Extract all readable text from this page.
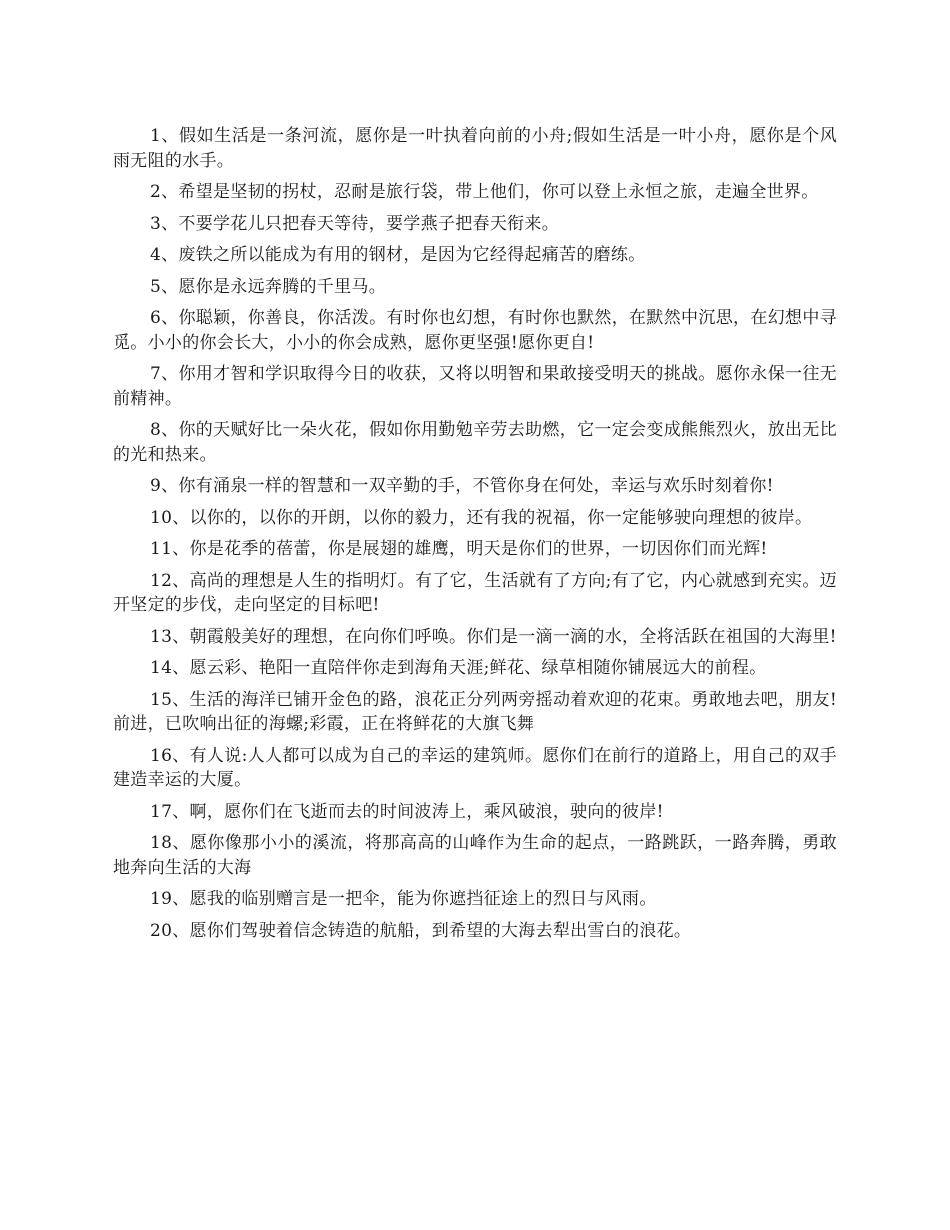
1、假如生活是一条河流，愿你是一叶执着向前的小舟;假如生活是一叶小舟，愿你是个风雨无阻的水手。

2、希望是坚韧的拐杖，忍耐是旅行袋，带上他们，你可以登上永恒之旅，走遍全世界。

3、不要学花儿只把春天等待，要学燕子把春天衔来。

4、废铁之所以能成为有用的钢材，是因为它经得起痛苦的磨练。

5、愿你是永远奔腾的千里马。

6、你聪颖，你善良，你活泼。有时你也幻想，有时你也默然，在默然中沉思，在幻想中寻觅。小小的你会长大，小小的你会成熟，愿你更坚强!愿你更自!

7、你用才智和学识取得今日的收获，又将以明智和果敢接受明天的挑战。愿你永保一往无前精神。

8、你的天赋好比一朵火花，假如你用勤勉辛劳去助燃，它一定会变成熊熊烈火，放出无比的光和热来。

9、你有涌泉一样的智慧和一双辛勤的手，不管你身在何处，幸运与欢乐时刻着你!

10、以你的，以你的开朗，以你的毅力，还有我的祝福，你一定能够驶向理想的彼岸。

11、你是花季的蓓蕾，你是展翅的雄鹰，明天是你们的世界，一切因你们而光辉!

12、高尚的理想是人生的指明灯。有了它，生活就有了方向;有了它，内心就感到充实。迈开坚定的步伐，走向坚定的目标吧!

13、朝霞般美好的理想，在向你们呼唤。你们是一滴一滴的水，全将活跃在祖国的大海里!

14、愿云彩、艳阳一直陪伴你走到海角天涯;鲜花、绿草相随你铺展远大的前程。

15、生活的海洋已铺开金色的路，浪花正分列两旁摇动着欢迎的花束。勇敢地去吧，朋友!前进，已吹响出征的海螺;彩霞，正在将鲜花的大旗飞舞

16、有人说:人人都可以成为自己的幸运的建筑师。愿你们在前行的道路上，用自己的双手建造幸运的大厦。

17、啊，愿你们在飞逝而去的时间波涛上，乘风破浪，驶向的彼岸!

18、愿你像那小小的溪流，将那高高的山峰作为生命的起点，一路跳跃，一路奔腾，勇敢地奔向生活的大海

19、愿我的临别赠言是一把伞，能为你遮挡征途上的烈日与风雨。

20、愿你们驾驶着信念铸造的航船，到希望的大海去犁出雪白的浪花。
